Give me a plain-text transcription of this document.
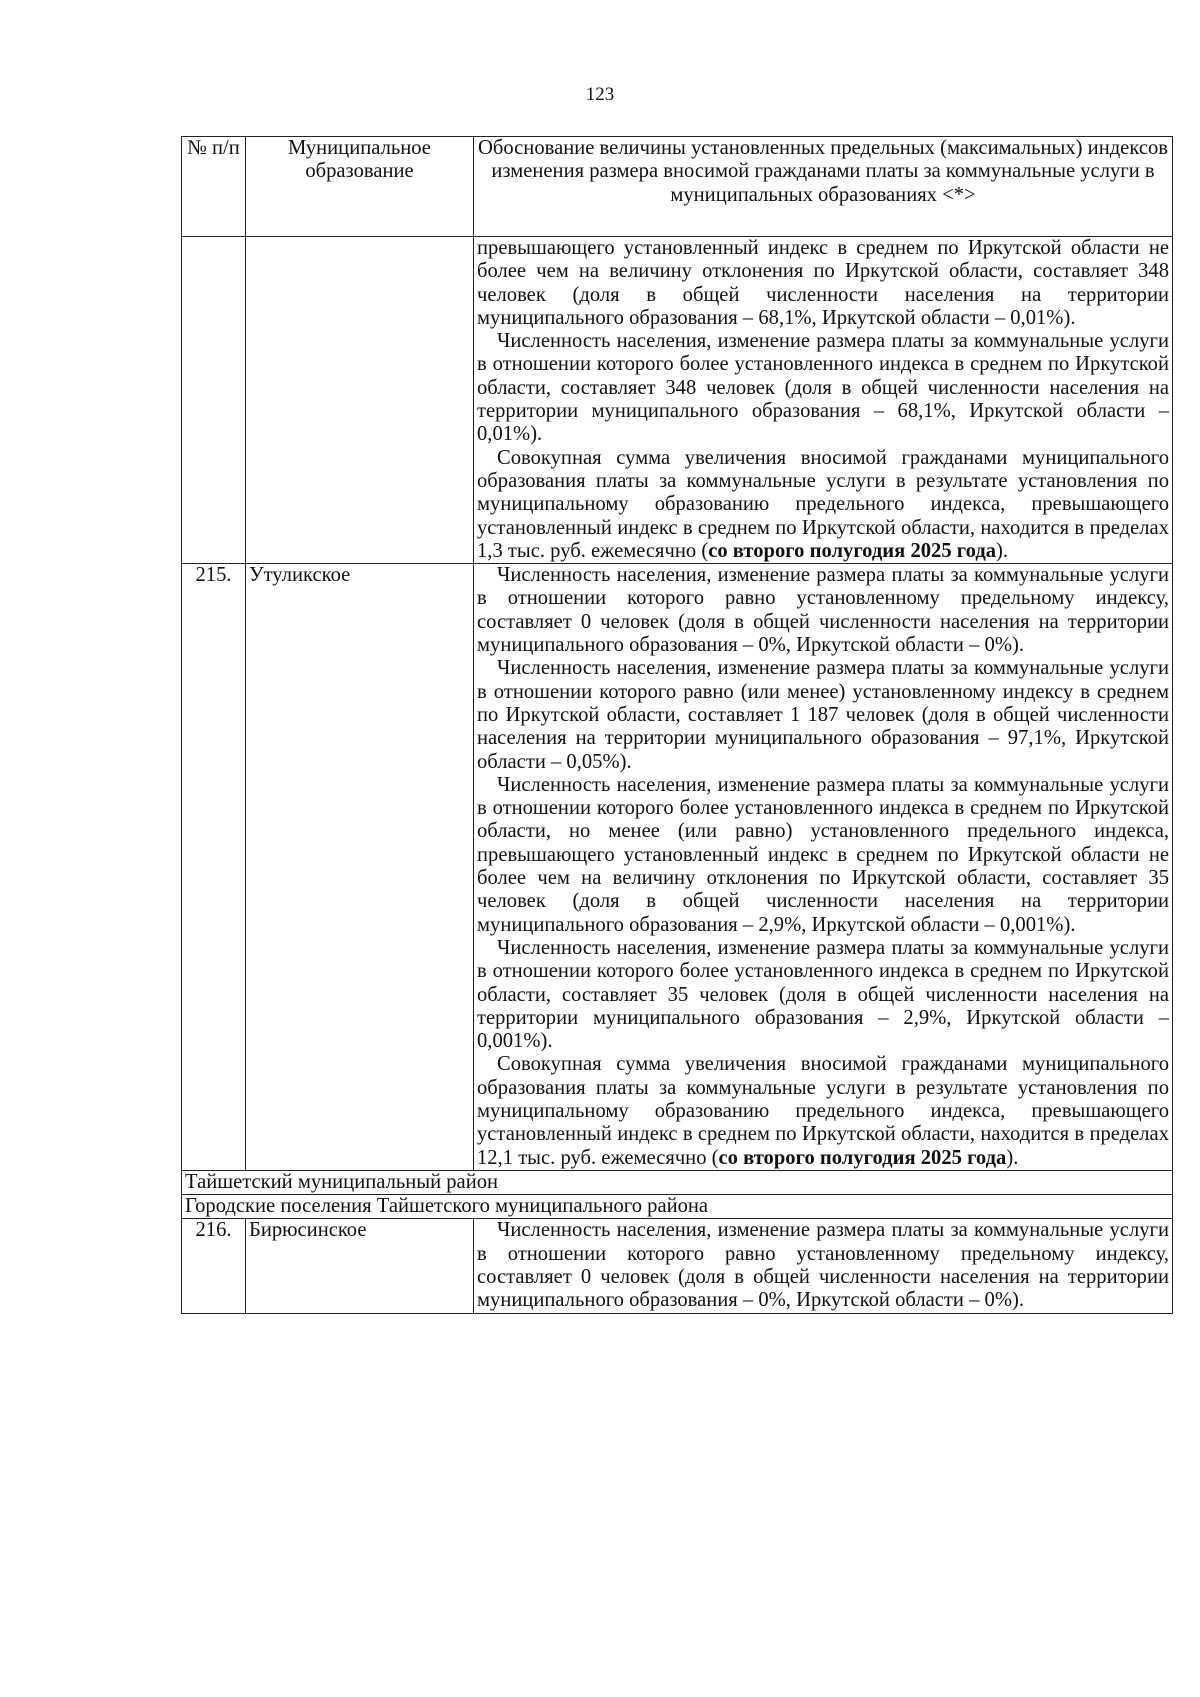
123
№ п/п	Муниципальное образование	Обоснование величины установленных предельных (максимальных) индексов изменения размера вносимой гражданами платы за коммунальные услуги в муниципальных образованиях <*>

		превышающего установленный индекс в среднем по Иркутской области не более чем на величину отклонения по Иркутской области, составляет 348 человек (доля в общей численности населения на территории муниципального образования – 68,1%, Иркутской области – 0,01%).
Численность населения, изменение размера платы за коммунальные услуги в отношении которого более установленного индекса в среднем по Иркутской области, составляет 348 человек (доля в общей численности населения на территории муниципального образования – 68,1%, Иркутской области – 0,01%).
Совокупная сумма увеличения вносимой гражданами муниципального образования платы за коммунальные услуги в результате установления по муниципальному образованию предельного индекса, превышающего установленный индекс в среднем по Иркутской области, находится в пределах 1,3 тыс. руб. ежемесячно (со второго полугодия 2025 года).

215.	Утуликское	Численность населения, изменение размера платы за коммунальные услуги в отношении которого равно установленному предельному индексу, составляет 0 человек (доля в общей численности населения на территории муниципального образования – 0%, Иркутской области – 0%).
Численность населения, изменение размера платы за коммунальные услуги в отношении которого равно (или менее) установленному индексу в среднем по Иркутской области, составляет 1 187 человек (доля в общей численности населения на территории муниципального образования – 97,1%, Иркутской области – 0,05%).
Численность населения, изменение размера платы за коммунальные услуги в отношении которого более установленного индекса в среднем по Иркутской области, но менее (или равно) установленного предельного индекса, превышающего установленный индекс в среднем по Иркутской области не более чем на величину отклонения по Иркутской области, составляет 35 человек (доля в общей численности населения на территории муниципального образования – 2,9%, Иркутской области – 0,001%).
Численность населения, изменение размера платы за коммунальные услуги в отношении которого более установленного индекса в среднем по Иркутской области, составляет 35 человек (доля в общей численности населения на территории муниципального образования – 2,9%, Иркутской области – 0,001%).
Совокупная сумма увеличения вносимой гражданами муниципального образования платы за коммунальные услуги в результате установления по муниципальному образованию предельного индекса, превышающего установленный индекс в среднем по Иркутской области, находится в пределах 12,1 тыс. руб. ежемесячно (со второго полугодия 2025 года).

Тайшетский муниципальный район		
Городские поселения Тайшетского муниципального района		
216.	Бирюсинское	Численность населения, изменение размера платы за коммунальные услуги в отношении которого равно установленному предельному индексу, составляет 0 человек (доля в общей численности населения на территории муниципального образования – 0%, Иркутской области – 0%).
